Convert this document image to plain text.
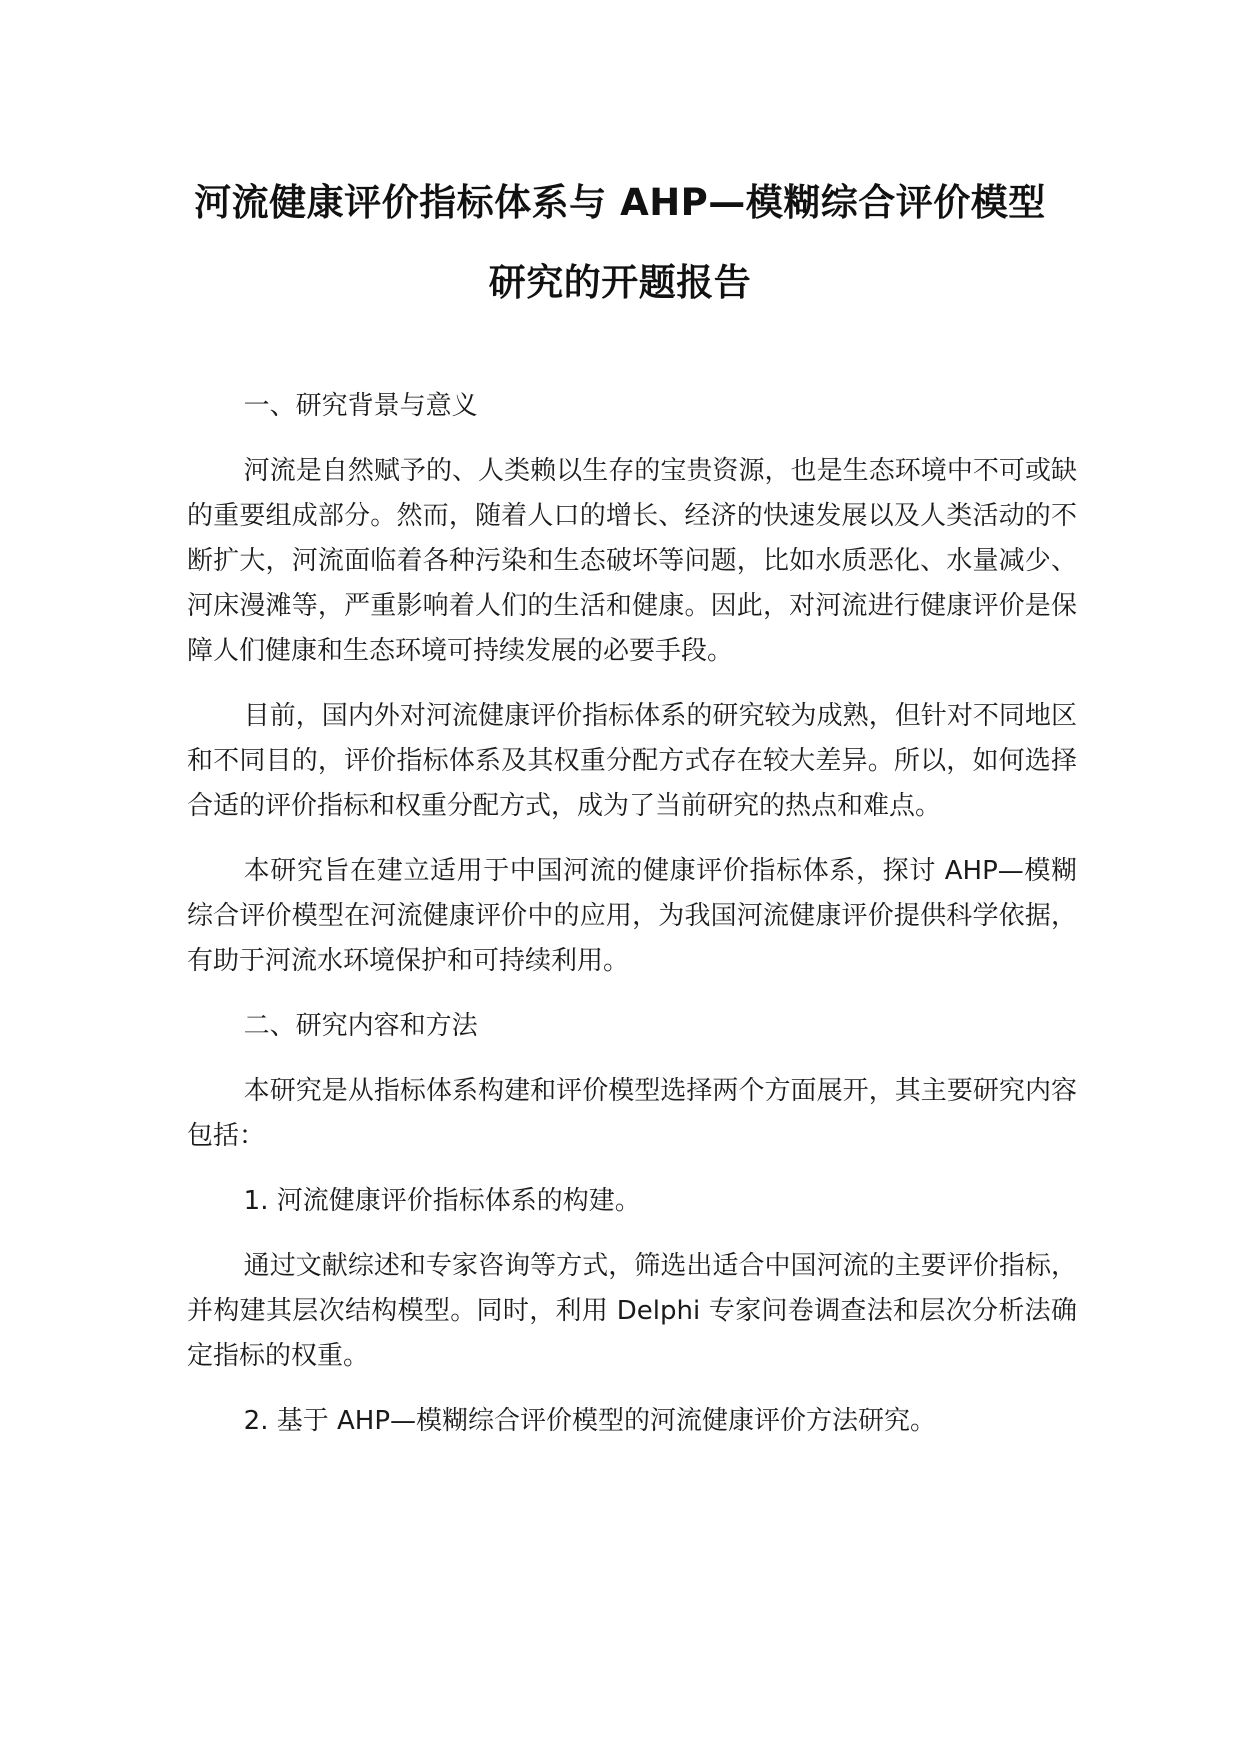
河流健康评价指标体系与 AHP—模糊综合评价模型
研究的开题报告

一、研究背景与意义

河流是自然赋予的、人类赖以生存的宝贵资源，也是生态环境中不可或缺的重要组成部分。然而，随着人口的增长、经济的快速发展以及人类活动的不断扩大，河流面临着各种污染和生态破坏等问题，比如水质恶化、水量减少、河床漫滩等，严重影响着人们的生活和健康。因此，对河流进行健康评价是保障人们健康和生态环境可持续发展的必要手段。

目前，国内外对河流健康评价指标体系的研究较为成熟，但针对不同地区和不同目的，评价指标体系及其权重分配方式存在较大差异。所以，如何选择合适的评价指标和权重分配方式，成为了当前研究的热点和难点。

本研究旨在建立适用于中国河流的健康评价指标体系，探讨 AHP—模糊综合评价模型在河流健康评价中的应用，为我国河流健康评价提供科学依据，有助于河流水环境保护和可持续利用。

二、研究内容和方法

本研究是从指标体系构建和评价模型选择两个方面展开，其主要研究内容包括：

1. 河流健康评价指标体系的构建。

通过文献综述和专家咨询等方式，筛选出适合中国河流的主要评价指标，并构建其层次结构模型。同时，利用 Delphi 专家问卷调查法和层次分析法确定指标的权重。

2. 基于 AHP—模糊综合评价模型的河流健康评价方法研究。
